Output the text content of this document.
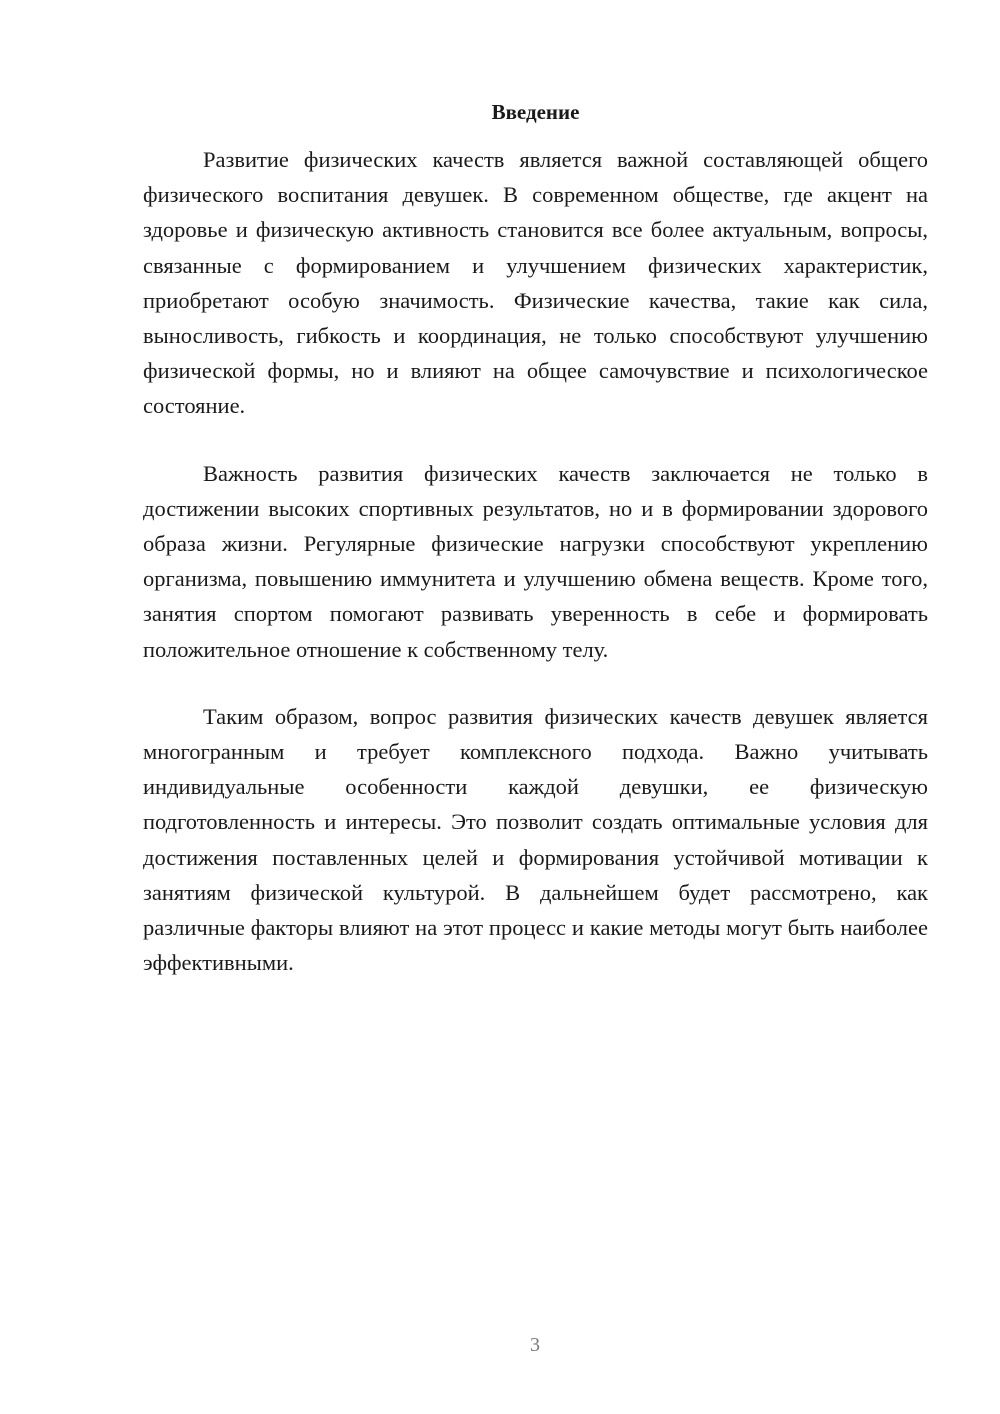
Введение

Развитие физических качеств является важной составляющей общего физического воспитания девушек. В современном обществе, где акцент на здоровье и физическую активность становится все более актуальным, вопросы, связанные с формированием и улучшением физических характеристик, приобретают особую значимость. Физические качества, такие как сила, выносливость, гибкость и координация, не только способствуют улучшению физической формы, но и влияют на общее самочувствие и психологическое состояние.

Важность развития физических качеств заключается не только в достижении высоких спортивных результатов, но и в формировании здорового образа жизни. Регулярные физические нагрузки способствуют укреплению организма, повышению иммунитета и улучшению обмена веществ. Кроме того, занятия спортом помогают развивать уверенность в себе и формировать положительное отношение к собственному телу.

Таким образом, вопрос развития физических качеств девушек является многогранным и требует комплексного подхода. Важно учитывать индивидуальные особенности каждой девушки, ее физическую подготовленность и интересы. Это позволит создать оптимальные условия для достижения поставленных целей и формирования устойчивой мотивации к занятиям физической культурой. В дальнейшем будет рассмотрено, как различные факторы влияют на этот процесс и какие методы могут быть наиболее эффективными.

3
